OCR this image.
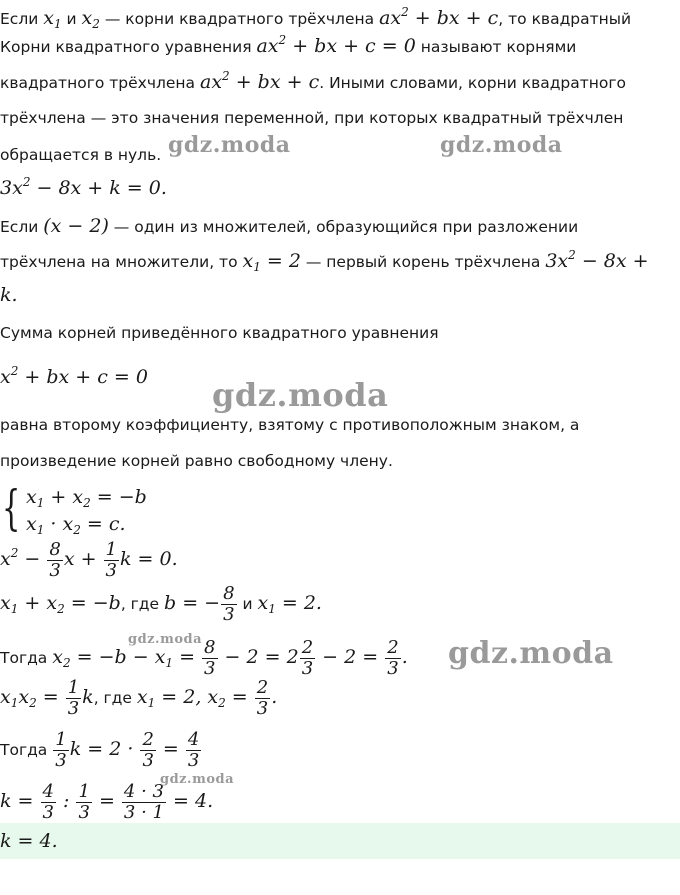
Если $x_1$ и $x_2$ — корни квадратного трёхчлена $ax^2$ + bx + c, то квадратный
Корни квадратного уравнения $ax^2$ + bx + c = 0 называют корнями
квадратного трёхчлена $ax^2$ + bx + c. Иными словами, корни квадратного
трёхчлена — это значения переменной, при которых квадратный трёхчлен
обращается в нуль.
$3x^2 - 8x + k = 0$.
Если (x − 2) — один из множителей, образующийся при разложении
трёхчлена на множители, то $x_1 = 2$ — первый корень трёхчлена $3x^2 - 8x$ +
k.
Сумма корней приведённого квадратного уравнения
$x^2$ + bx + c = 0
равна второму коэффициенту, взятому с противоположным знаком, а
произведение корней равно свободному члену.
{ $x_1 + x_2 = -b$
$x_1 \cdot x_2 = c$.
$x^2 - \frac{8}{3}$ $x + \frac{1}{3}$ k = 0.
$x_1 + x_2 = -b$, где b = − $\frac{8}{3}$ и $x_1 = 2$.
Тогда $x_2 = -b - x_1 = \frac{8}{3} - 2 = 2 \frac{2}{3} - 2 = \frac{2}{3}$ .
$x_1x_2 = \frac{1}{3} k$, где $x_1 = 2$, $x_2 = \frac{2}{3}$ .
Тогда $\frac{1}{3}$ $k = 2 \cdot \frac{2}{3} = \frac{4}{3}$
$k = \frac{4}{3}$ : $\frac{1}{3} = \frac{4 \cdot 3}{3 \cdot 1} = 4$.
k = 4.
gdz.moda	gdz.moda
gdz.moda
gdz.moda	gdz.moda
gdz.moda
